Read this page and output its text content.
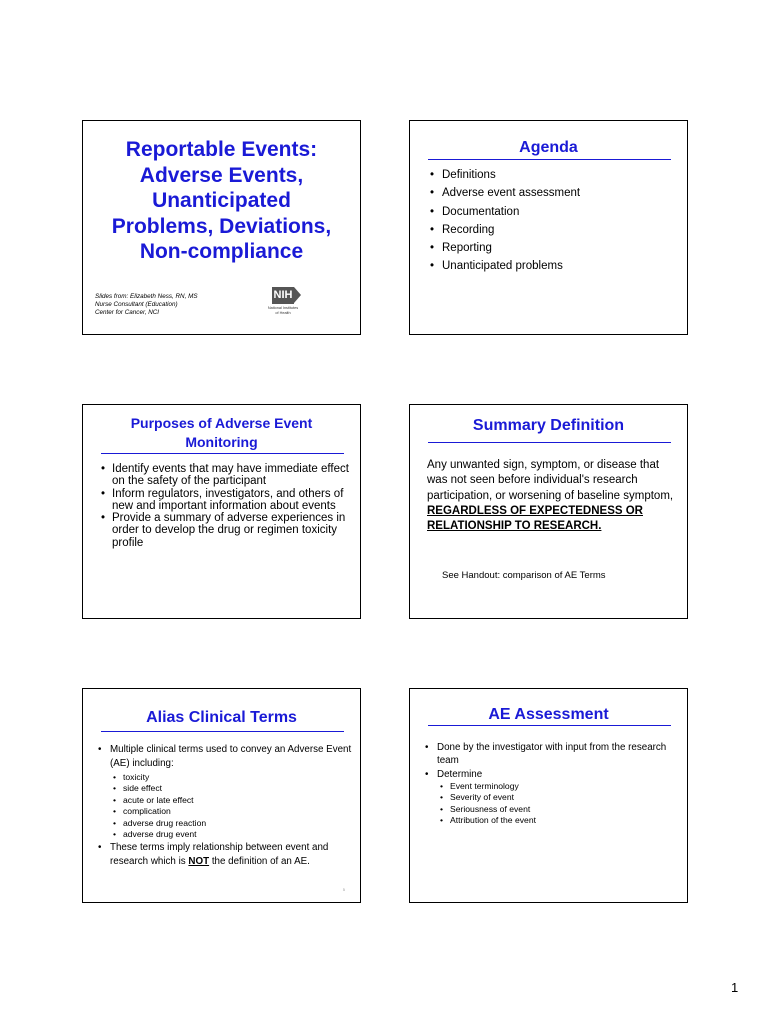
Reportable Events:
Adverse Events,
Unanticipated
Problems, Deviations,
Non-compliance
Slides from: Elizabeth Ness, RN, MS
Nurse Consultant (Education)
Center for Cancer, NCI
NIH
National Institutes
of Health
Agenda
• Definitions
• Adverse event assessment
• Documentation
• Recording
• Reporting
• Unanticipated problems
Purposes of Adverse Event
Monitoring
• Identify events that may have immediate effect on the safety of the participant
• Inform regulators, investigators, and others of new and important information about events
• Provide a summary of adverse experiences in order to develop the drug or regimen toxicity profile
Summary Definition
Any unwanted sign, symptom, or disease that was not seen before individual's research participation, or worsening of baseline symptom, REGARDLESS OF EXPECTEDNESS OR RELATIONSHIP TO RESEARCH.
See Handout: comparison of AE Terms
Alias Clinical Terms
• Multiple clinical terms used to convey an Adverse Event (AE) including:
• toxicity
• side effect
• acute or late effect
• complication
• adverse drug reaction
• adverse drug event
• These terms imply relationship between event and research which is NOT the definition of an AE.
5
AE Assessment
• Done by the investigator with input from the research team
• Determine
• Event terminology
• Severity of event
• Seriousness of event
• Attribution of the event
1
